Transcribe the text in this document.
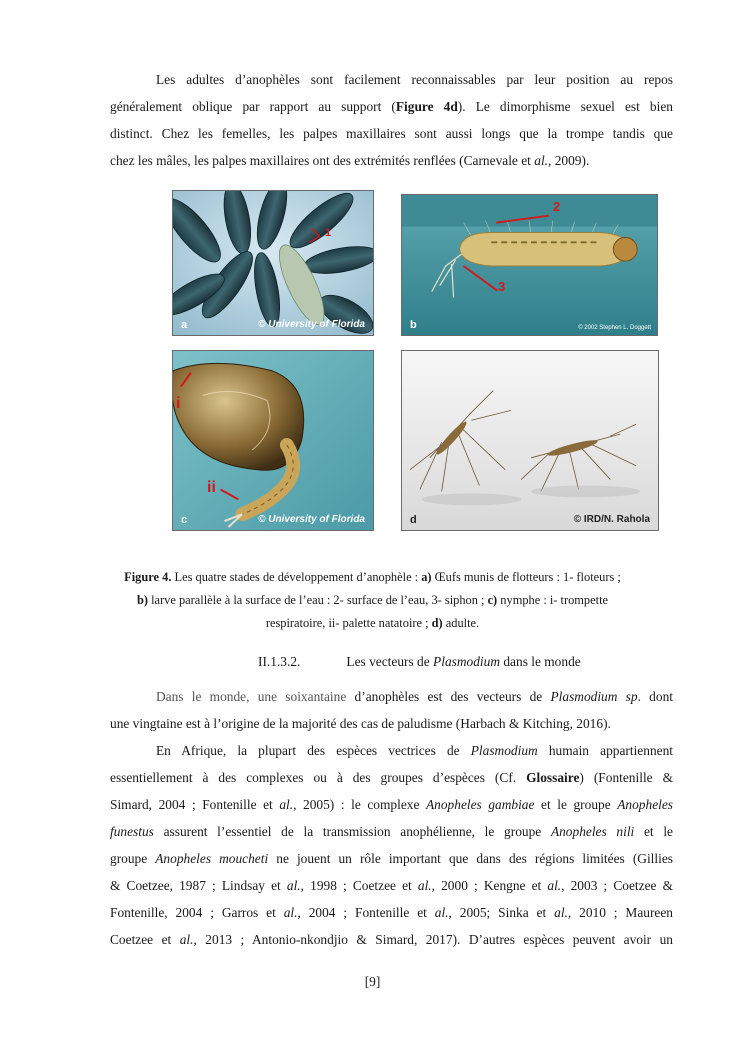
Les adultes d’anophèles sont facilement reconnaissables par leur position au repos
généralement oblique par rapport au support (Figure 4d). Le dimorphisme sexuel est bien
distinct. Chez les femelles, les palpes maxillaires sont aussi longs que la trompe tandis que
chez les mâles, les palpes maxillaires ont des extrémités renflées (Carnevale et al., 2009).
1
a	© University of Florida
2
3
b	© 2002 Stephen L. Doggett
i
ii
c	© University of Florida	d	© IRD/N. Rahola
Figure 4. Les quatre stades de développement d’anophèle : a) Œufs munis de flotteurs : 1- floteurs ;
b) larve parallèle à la surface de l’eau : 2- surface de l’eau, 3- siphon ; c) nymphe : i- trompette
respiratoire, ii- palette natatoire ; d) adulte.
II.1.3.2.	Les vecteurs de Plasmodium dans le monde
Dans le monde, une soixantaine d’anophèles est des vecteurs de Plasmodium sp. dont
une vingtaine est à l’origine de la majorité des cas de paludisme (Harbach & Kitching, 2016).
En Afrique, la plupart des espèces vectrices de Plasmodium humain appartiennent
essentiellement à des complexes ou à des groupes d’espèces (Cf. Glossaire) (Fontenille &
Simard, 2004 ; Fontenille et al., 2005) : le complexe Anopheles gambiae et le groupe Anopheles
funestus assurent l’essentiel de la transmission anophélienne, le groupe Anopheles nili et le
groupe Anopheles moucheti ne jouent un rôle important que dans des régions limitées (Gillies
& Coetzee, 1987 ; Lindsay et al., 1998 ; Coetzee et al., 2000 ; Kengne et al., 2003 ; Coetzee &
Fontenille, 2004 ; Garros et al., 2004 ; Fontenille et al., 2005; Sinka et al., 2010 ; Maureen
Coetzee et al., 2013 ; Antonio-nkondjio & Simard, 2017). D’autres espèces peuvent avoir un
[9]
